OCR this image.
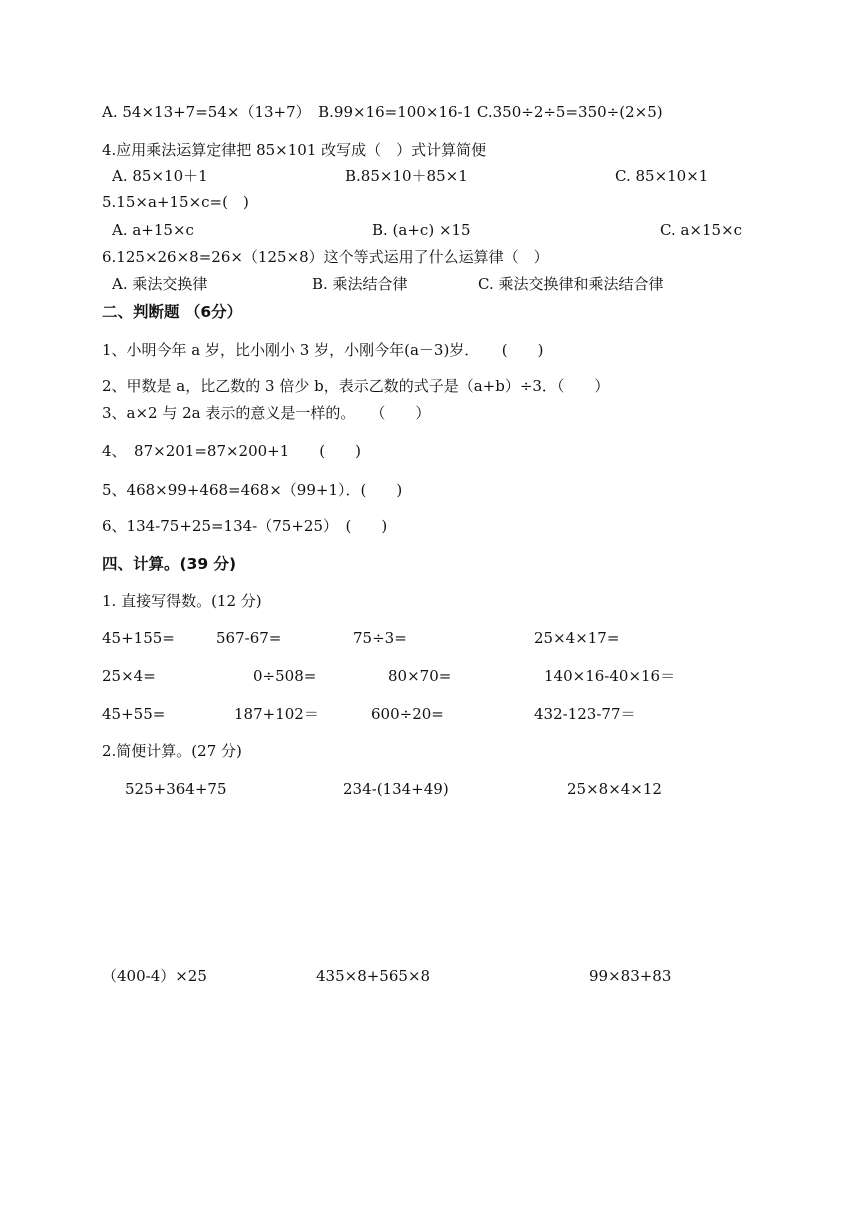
A. 54×13+7=54×（13+7）　B.99×16=100×16-1 C.350÷2÷5=350÷(2×5)
4.应用乘法运算定律把 85×101 改写成（　）式计算简便
A. 85×10＋1	B.85×10＋85×1	C. 85×10×1
5.15×a+15×c=(　)
A. a+15×c	B. (a+c) ×15	C. a×15×c
6.125×26×8=26×（125×8）这个等式运用了什么运算律（　）
A. 乘法交换律	B. 乘法结合律	C. 乘法交换律和乘法结合律
二、判断题 （6分）
1、小明今年 a 岁，比小刚小 3 岁，小刚今年(a－3)岁．　　(　　)
2、甲数是 a，比乙数的 3 倍少 b，表示乙数的式子是（a+b）÷3．（　　）
3、a×2 与 2a 表示的意义是一样的。　　（　　）
4、　87×201=87×200+1　　(　　)
5、468×99+468=468×（99+1）．(　　)
6、134-75+25=134-（75+25）　(　　)
四、计算。(39 分)
1. 直接写得数。(12 分)
45+155=	567-67=	75÷3=	25×4×17=
25×4=	0÷508=	80×70=	140×16-40×16＝
45+55=	187+102＝	600÷20=	432-123-77＝
2.简便计算。(27 分)
525+364+75	234-(134+49)	25×8×4×12
（400-4）×25	435×8+565×8	99×83+83
